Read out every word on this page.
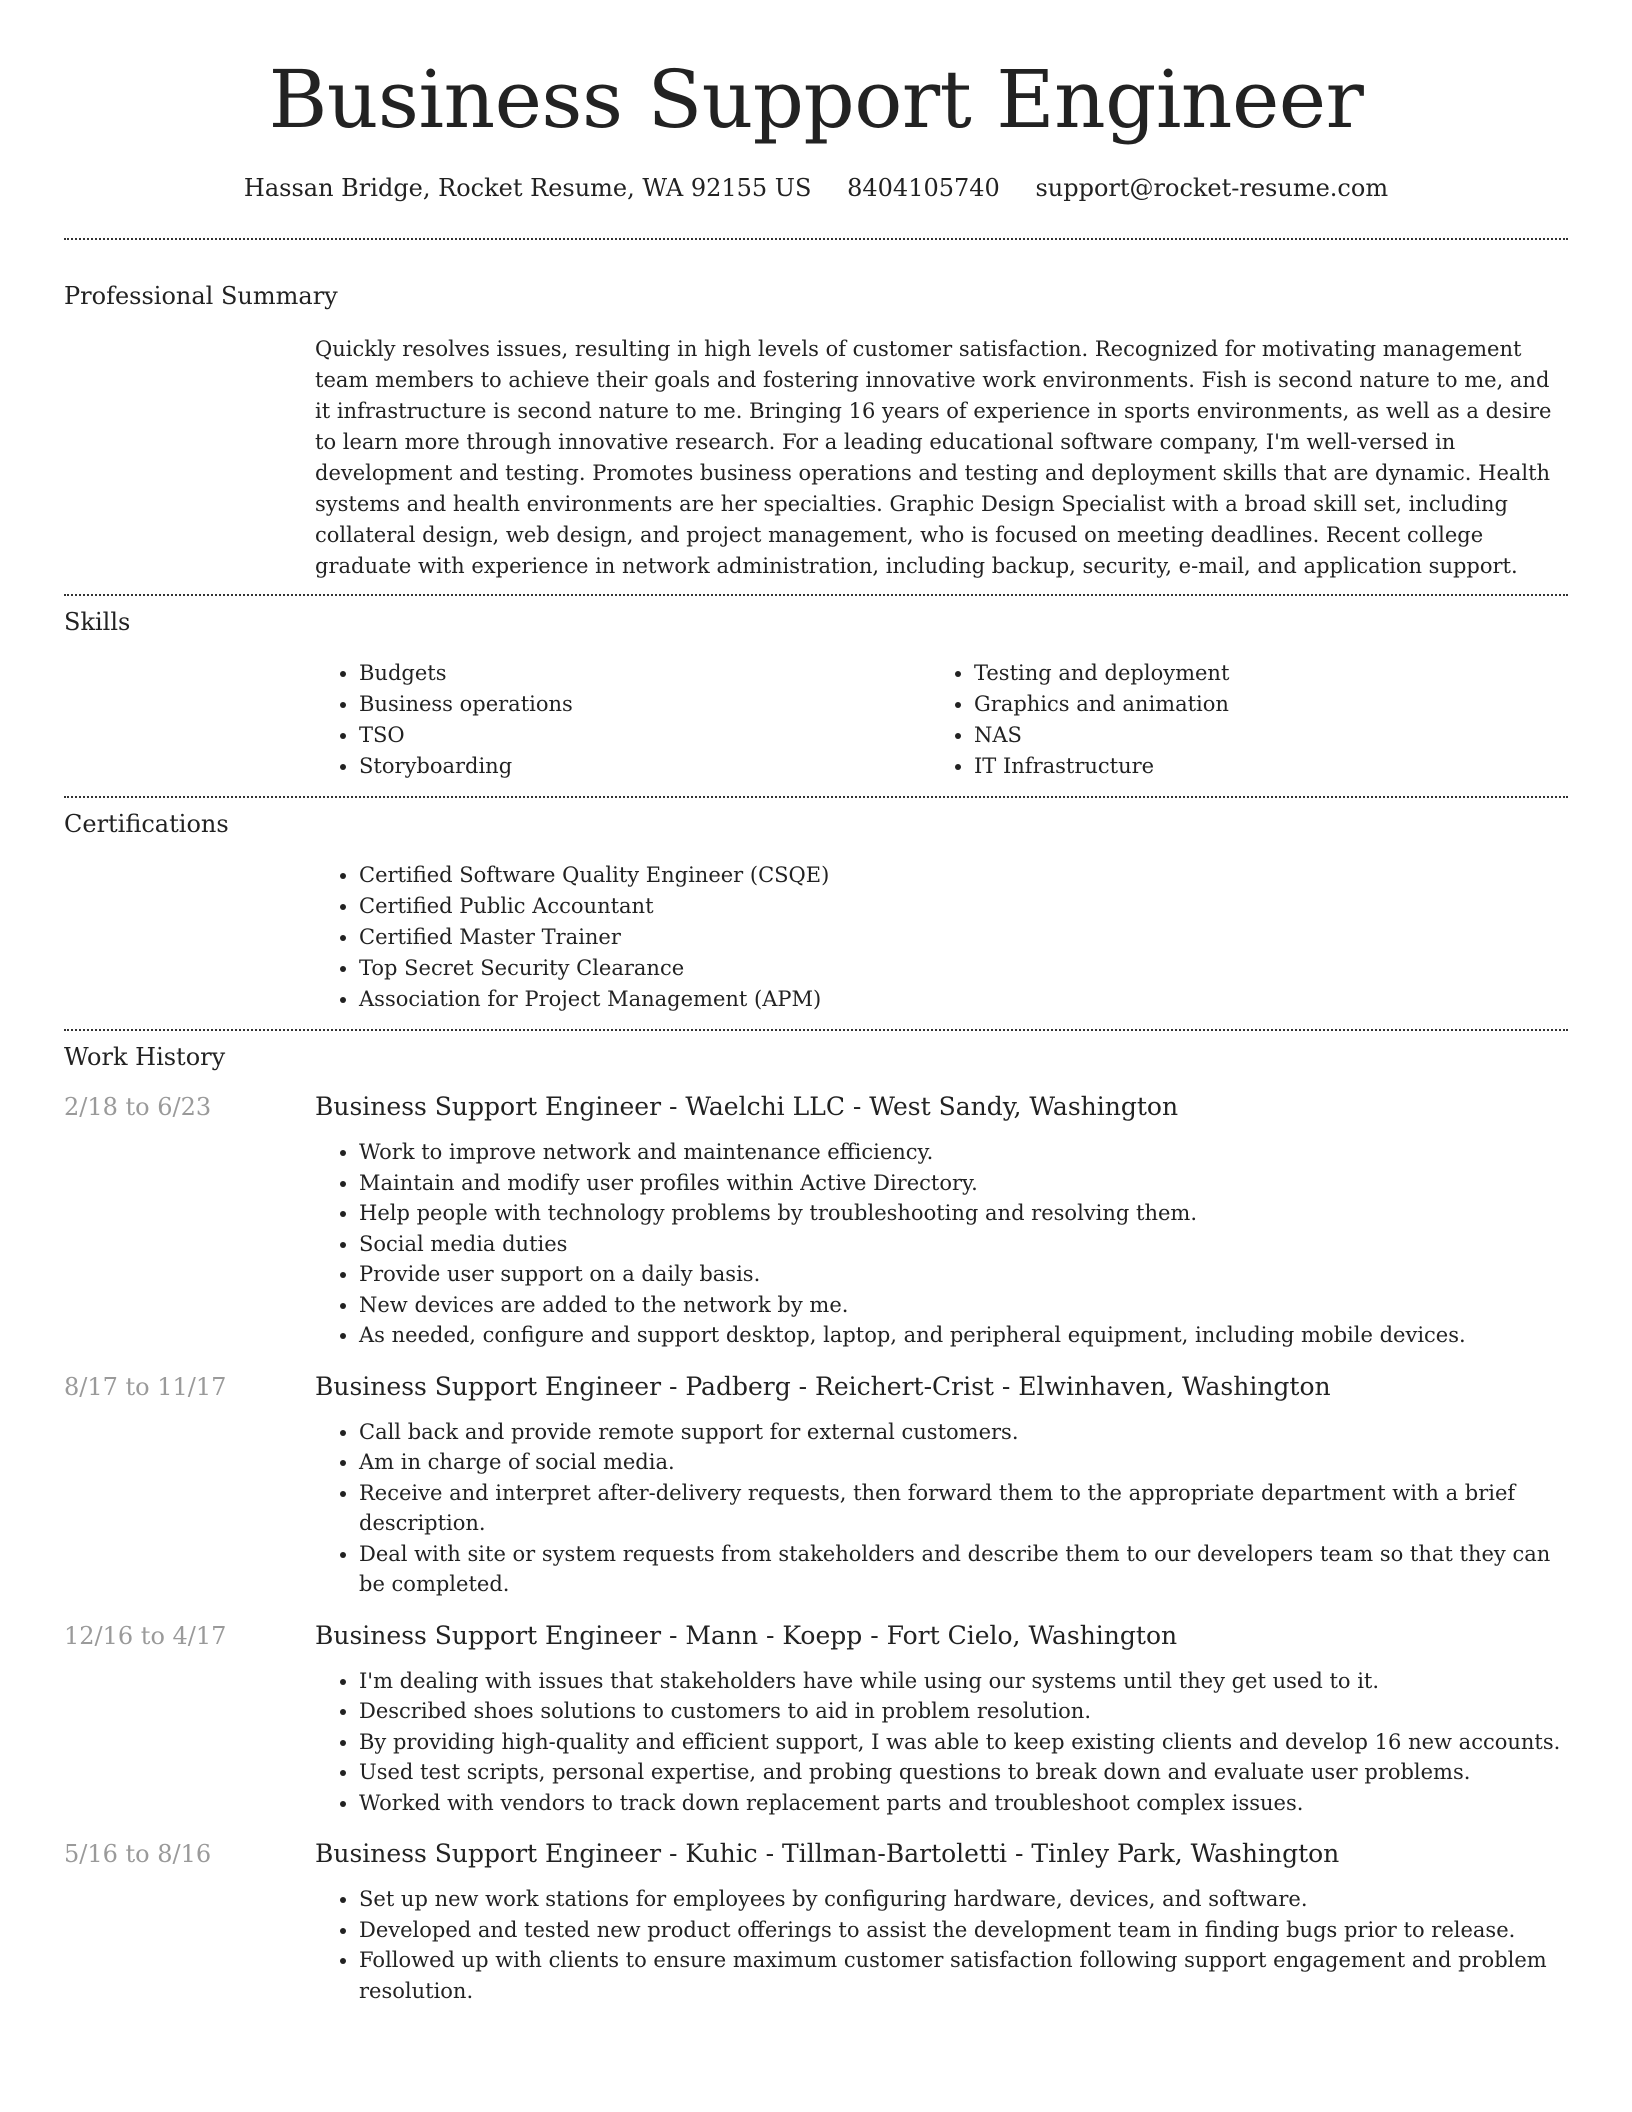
Business Support Engineer
Hassan Bridge, Rocket Resume, WA 92155 US 8404105740 support@rocket-resume.com
Professional Summary
Quickly resolves issues, resulting in high levels of customer satisfaction. Recognized for motivating management team members to achieve their goals and fostering innovative work environments. Fish is second nature to me, and it infrastructure is second nature to me. Bringing 16 years of experience in sports environments, as well as a desire to learn more through innovative research. For a leading educational software company, I'm well-versed in development and testing. Promotes business operations and testing and deployment skills that are dynamic. Health systems and health environments are her specialties. Graphic Design Specialist with a broad skill set, including collateral design, web design, and project management, who is focused on meeting deadlines. Recent college graduate with experience in network administration, including backup, security, e-mail, and application support.
Skills
• Budgets
• Business operations
• TSO
• Storyboarding
• Testing and deployment
• Graphics and animation
• NAS
• IT Infrastructure
Certifications
• Certified Software Quality Engineer (CSQE)
• Certified Public Accountant
• Certified Master Trainer
• Top Secret Security Clearance
• Association for Project Management (APM)
Work History
2/18 to 6/23	Business Support Engineer - Waelchi LLC - West Sandy, Washington
• Work to improve network and maintenance efficiency.
• Maintain and modify user profiles within Active Directory.
• Help people with technology problems by troubleshooting and resolving them.
• Social media duties
• Provide user support on a daily basis.
• New devices are added to the network by me.
• As needed, configure and support desktop, laptop, and peripheral equipment, including mobile devices.
8/17 to 11/17	Business Support Engineer - Padberg - Reichert-Crist - Elwinhaven, Washington
• Call back and provide remote support for external customers.
• Am in charge of social media.
• Receive and interpret after-delivery requests, then forward them to the appropriate department with a brief description.
• Deal with site or system requests from stakeholders and describe them to our developers team so that they can be completed.
12/16 to 4/17	Business Support Engineer - Mann - Koepp - Fort Cielo, Washington
• I'm dealing with issues that stakeholders have while using our systems until they get used to it.
• Described shoes solutions to customers to aid in problem resolution.
• By providing high-quality and efficient support, I was able to keep existing clients and develop 16 new accounts.
• Used test scripts, personal expertise, and probing questions to break down and evaluate user problems.
• Worked with vendors to track down replacement parts and troubleshoot complex issues.
5/16 to 8/16	Business Support Engineer - Kuhic - Tillman-Bartoletti - Tinley Park, Washington
• Set up new work stations for employees by configuring hardware, devices, and software.
• Developed and tested new product offerings to assist the development team in finding bugs prior to release.
• Followed up with clients to ensure maximum customer satisfaction following support engagement and problem resolution.
